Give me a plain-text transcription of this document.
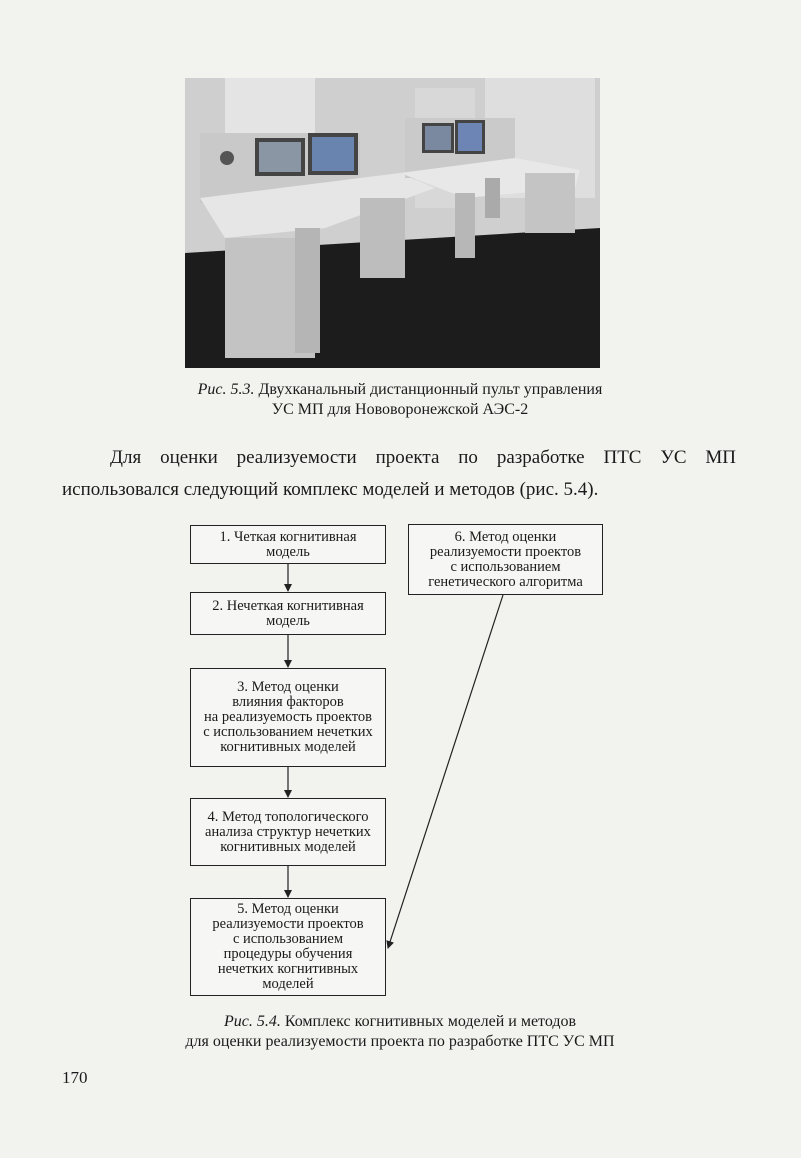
Рис. 5.3. Двухканальный дистанционный пульт управления
УС МП для Нововоронежской АЭС-2
Для оценки реализуемости проекта по разработке ПТС УС МП
использовался следующий комплекс моделей и методов (рис. 5.4).
1. Четкая когнитивная
модель
2. Нечеткая когнитивная
модель
3. Метод оценки
влияния факторов
на реализуемость проектов
с использованием нечетких
когнитивных моделей
4. Метод топологического
анализа структур нечетких
когнитивных моделей
5. Метод оценки
реализуемости проектов
с использованием
процедуры обучения
нечетких когнитивных
моделей
6. Метод оценки
реализуемости проектов
с использованием
генетического алгоритма
Рис. 5.4. Комплекс когнитивных моделей и методов
для оценки реализуемости проекта по разработке ПТС УС МП
170
